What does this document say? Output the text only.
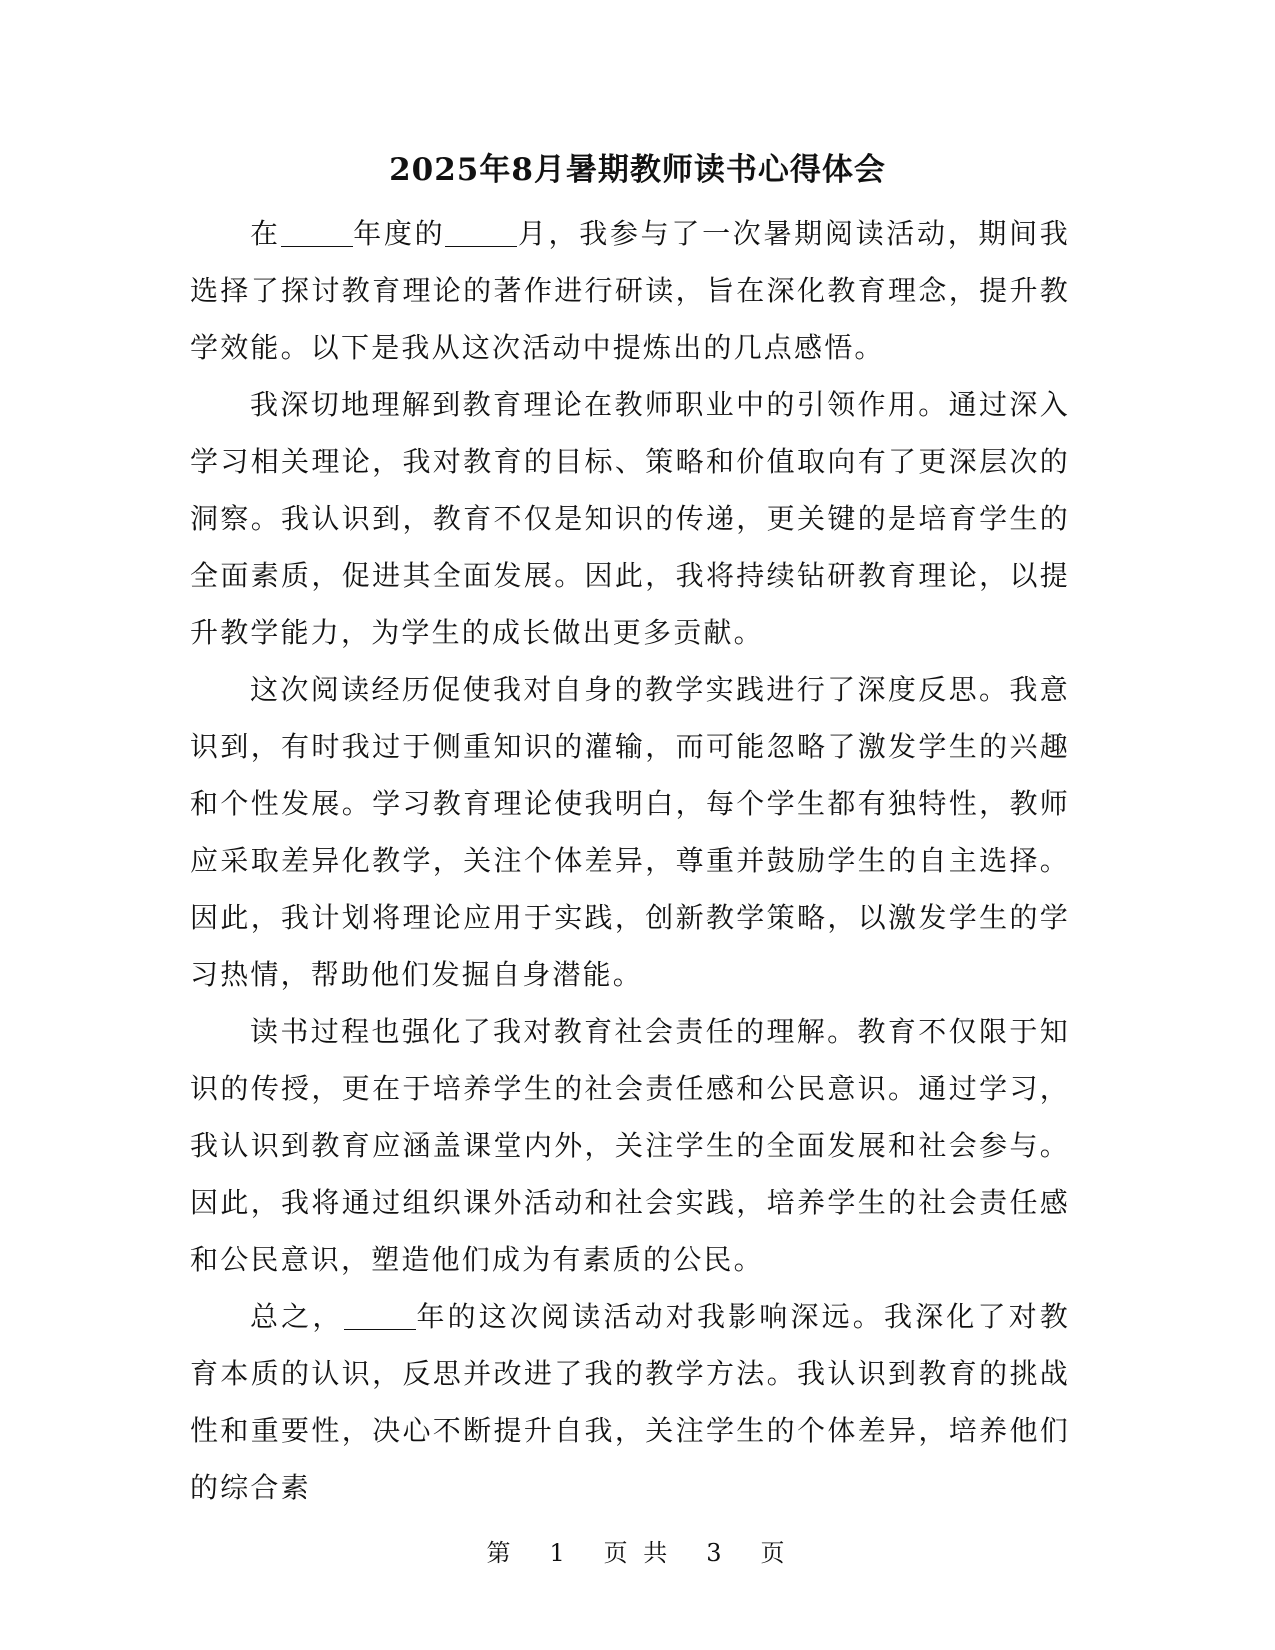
2025年8月暑期教师读书心得体会

在	年度的	月，我参与了一次暑期阅读活动，期间我选择了探讨教育理论的著作进行研读，旨在深化教育理念，提升教学效能。以下是我从这次活动中提炼出的几点感悟。

我深切地理解到教育理论在教师职业中的引领作用。通过深入学习相关理论，我对教育的目标、策略和价值取向有了更深层次的洞察。我认识到，教育不仅是知识的传递，更关键的是培育学生的全面素质，促进其全面发展。因此，我将持续钻研教育理论，以提升教学能力，为学生的成长做出更多贡献。

这次阅读经历促使我对自身的教学实践进行了深度反思。我意识到，有时我过于侧重知识的灌输，而可能忽略了激发学生的兴趣和个性发展。学习教育理论使我明白，每个学生都有独特性，教师应采取差异化教学，关注个体差异，尊重并鼓励学生的自主选择。因此，我计划将理论应用于实践，创新教学策略，以激发学生的学习热情，帮助他们发掘自身潜能。

读书过程也强化了我对教育社会责任的理解。教育不仅限于知识的传授，更在于培养学生的社会责任感和公民意识。通过学习，我认识到教育应涵盖课堂内外，关注学生的全面发展和社会参与。因此，我将通过组织课外活动和社会实践，培养学生的社会责任感和公民意识，塑造他们成为有素质的公民。

总之，	年的这次阅读活动对我影响深远。我深化了对教育本质的认识，反思并改进了我的教学方法。我认识到教育的挑战性和重要性，决心不断提升自我，关注学生的个体差异，培养他们的综合素

第 1 页 共 3 页
